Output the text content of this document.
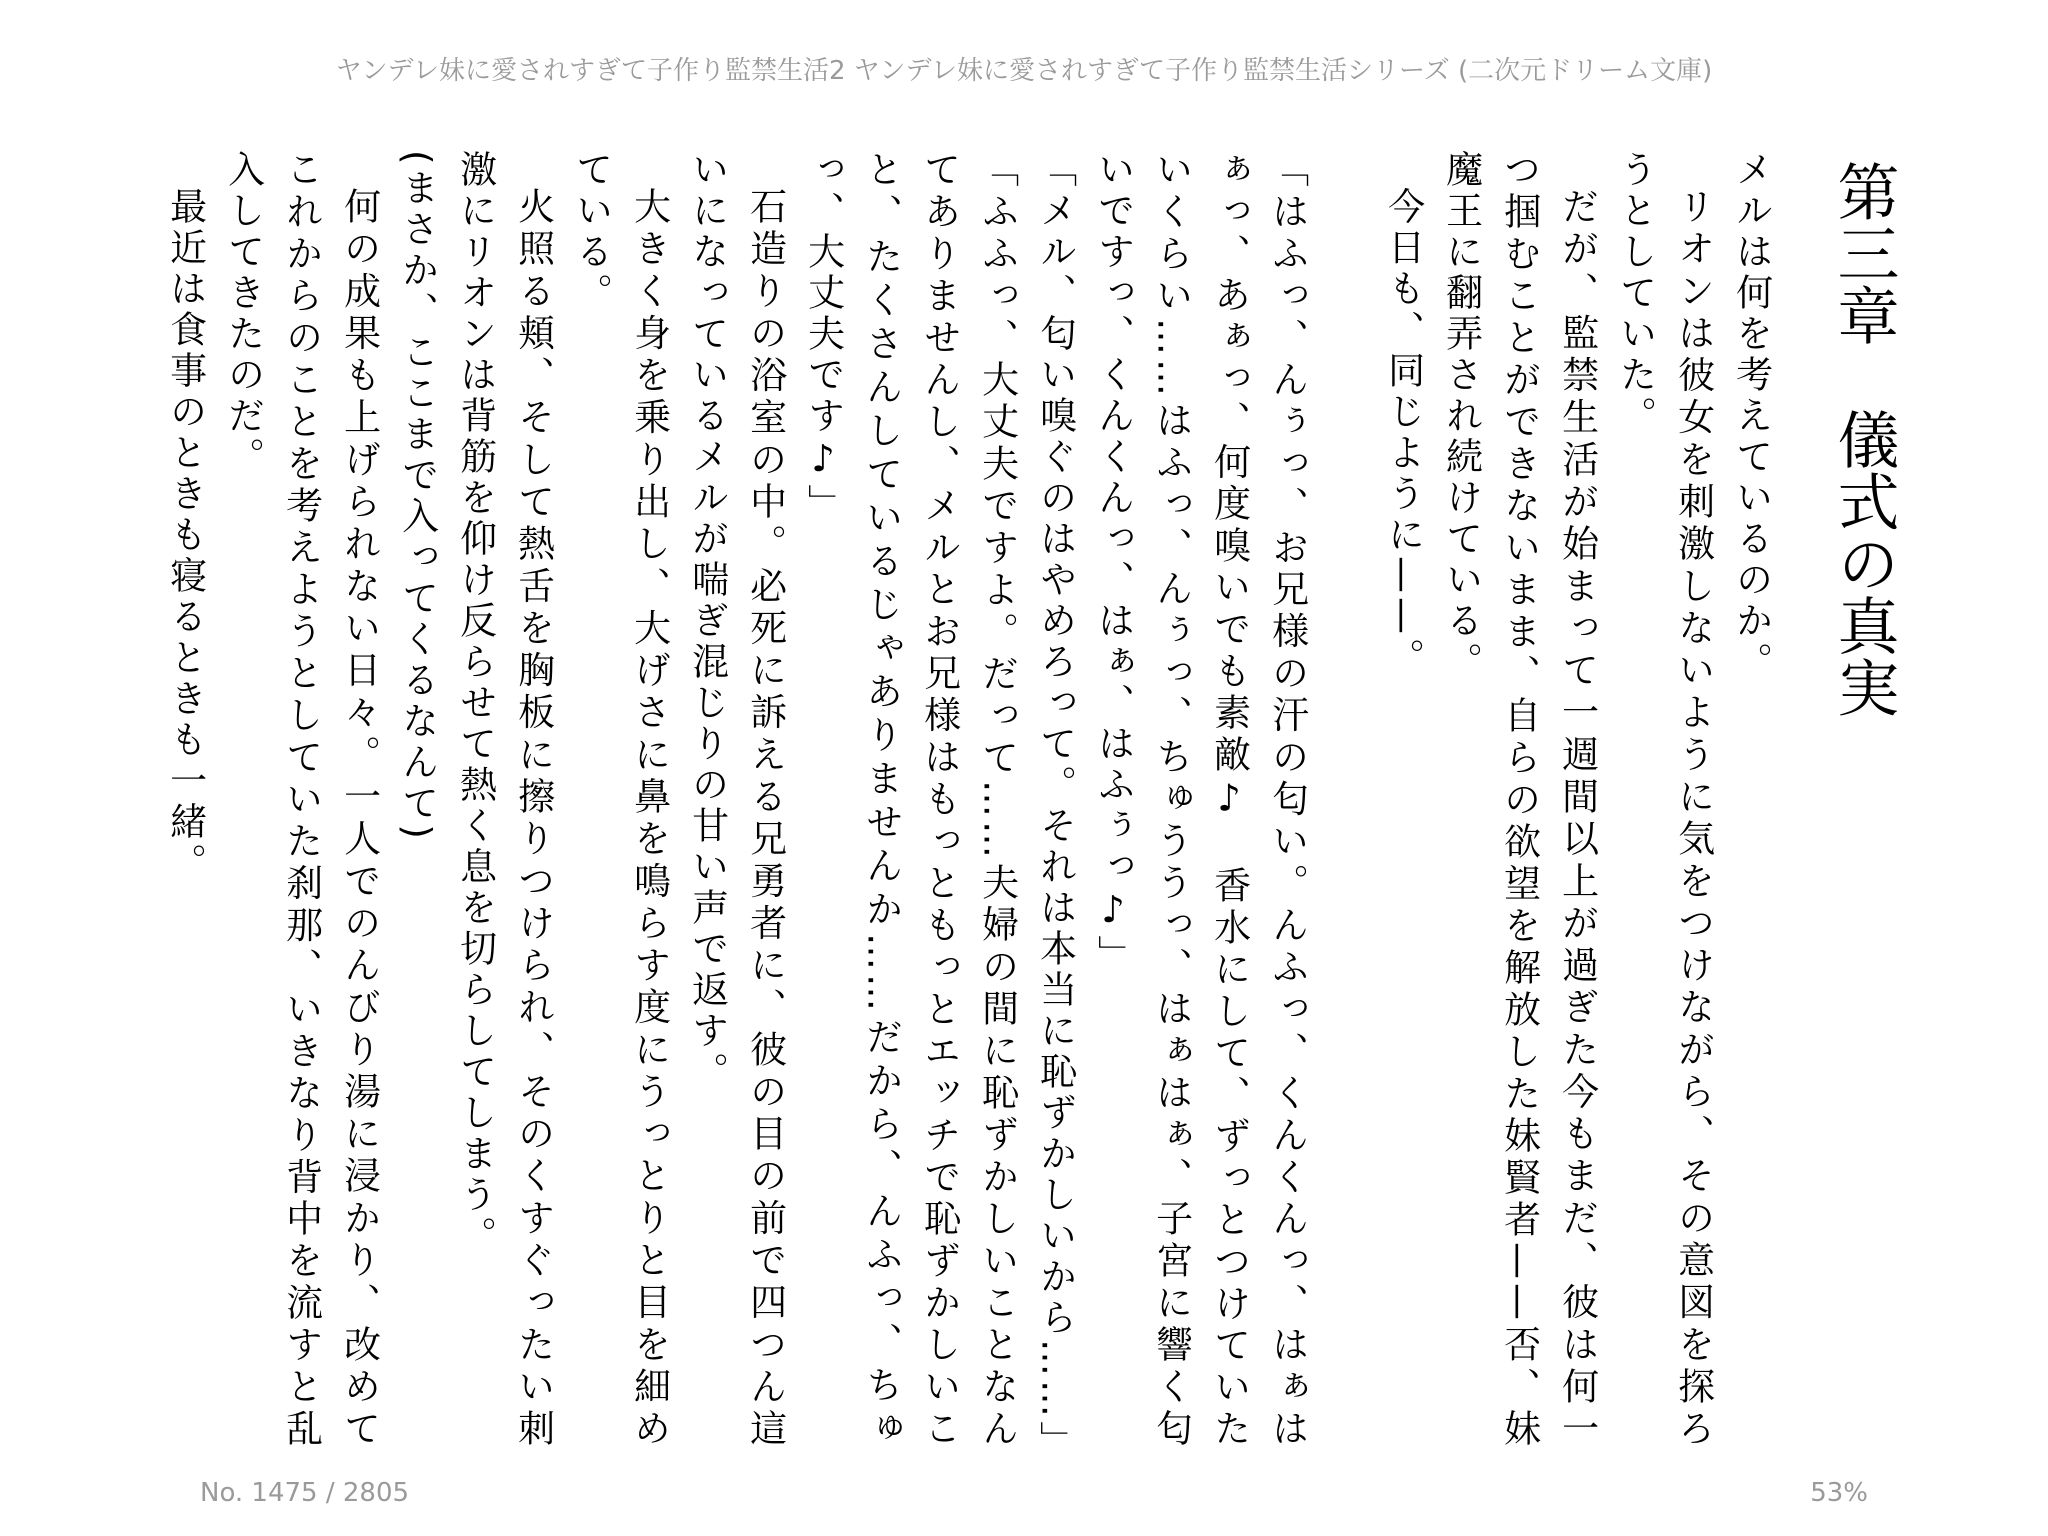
ヤンデレ妹に愛されすぎて子作り監禁生活2 ヤンデレ妹に愛されすぎて子作り監禁生活シリーズ (二次元ドリーム文庫)
第三章　儀式の真実

メルは何を考えているのか。

リオンは彼女を刺激しないように気をつけながら、その意図を探ろうとしていた。

だが、監禁生活が始まって一週間以上が過ぎた今もまだ、彼は何一つ掴むことができないまま、自らの欲望を解放した妹賢者——否、妹魔王に翻弄され続けている。

今日も、同じように——。

「はふっ、んぅっ、お兄様の汗の匂い。んふっ、くんくんっ、はぁはぁっ、あぁっ、何度嗅いでも素敵♪　香水にして、ずっとつけていたいくらい……はふっ、んぅっ、ちゅううっ、はぁはぁ、子宮に響く匂いですっ、くんくんっ、はぁ、はふぅっ♪」

「メル、匂い嗅ぐのはやめろって。それは本当に恥ずかしいから……」

「ふふっ、大丈夫ですよ。だって……夫婦の間に恥ずかしいことなんてありませんし、メルとお兄様はもっともっとエッチで恥ずかしいこと、たくさんしているじゃありませんか……だから、んふっ、ちゅっ、大丈夫です♪」

石造りの浴室の中。必死に訴える兄勇者に、彼の目の前で四つん這いになっているメルが喘ぎ混じりの甘い声で返す。

大きく身を乗り出し、大げさに鼻を鳴らす度にうっとりと目を細めている。

火照る頬、そして熱舌を胸板に擦りつけられ、そのくすぐったい刺激にリオンは背筋を仰け反らせて熱く息を切らしてしまう。

(まさか、ここまで入ってくるなんて)

何の成果も上げられない日々。一人でのんびり湯に浸かり、改めてこれからのことを考えようとしていた刹那、いきなり背中を流すと乱入してきたのだ。

最近は食事のときも寝るときも一緒。

No. 1475 / 2805	53%
